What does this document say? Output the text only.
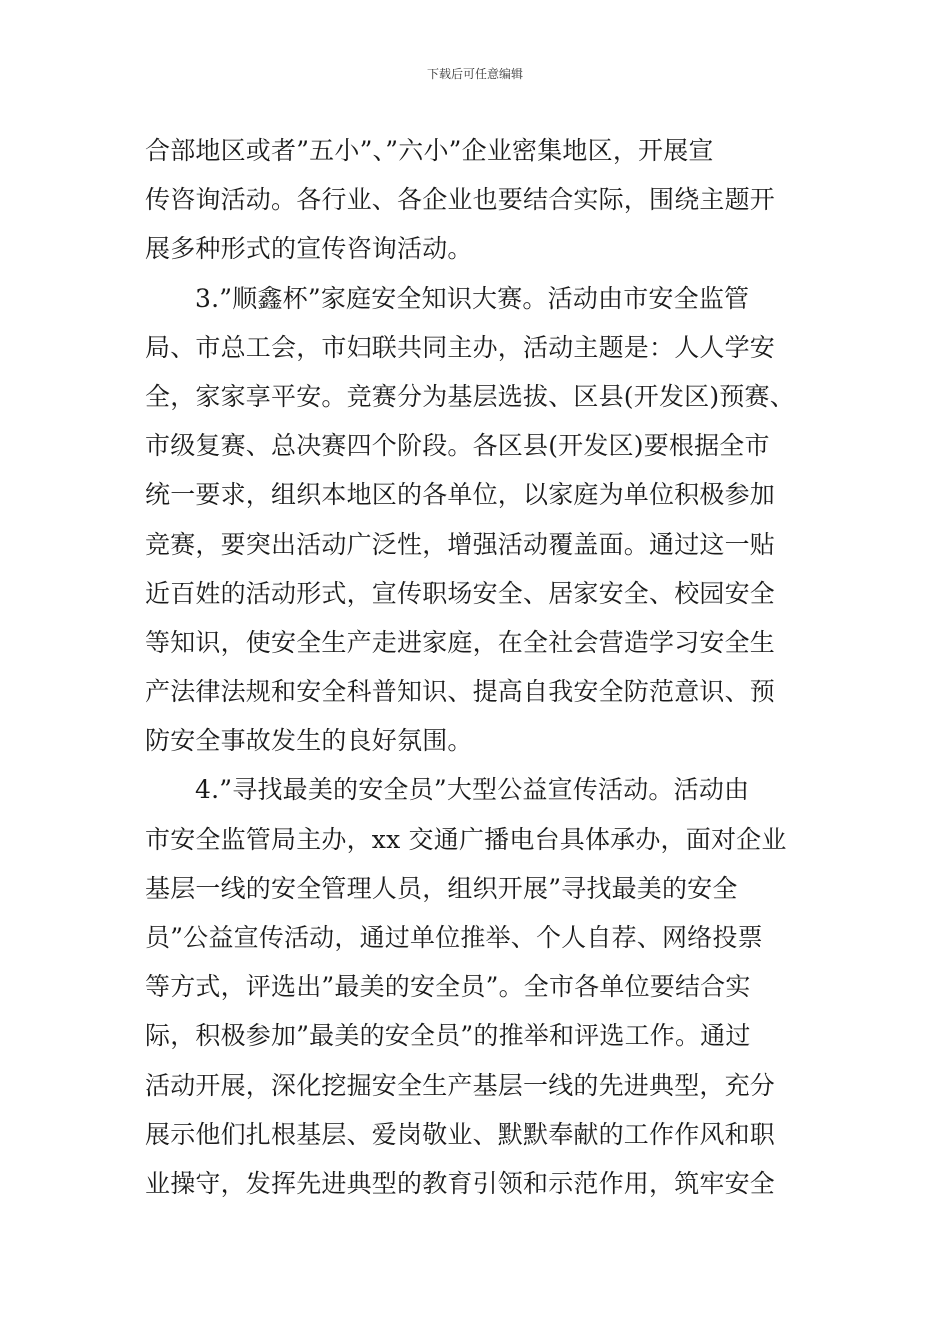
下载后可任意编辑
合部地区或者”五小”、”六小”企业密集地区，开展宣
传咨询活动。各行业、各企业也要结合实际，围绕主题开
展多种形式的宣传咨询活动。
3.”顺鑫杯”家庭安全知识大赛。活动由市安全监管
局、市总工会，市妇联共同主办，活动主题是：人人学安
全，家家享平安。竞赛分为基层选拔、区县(开发区)预赛、
市级复赛、总决赛四个阶段。各区县(开发区)要根据全市
统一要求，组织本地区的各单位，以家庭为单位积极参加
竞赛，要突出活动广泛性，增强活动覆盖面。通过这一贴
近百姓的活动形式，宣传职场安全、居家安全、校园安全
等知识，使安全生产走进家庭，在全社会营造学习安全生
产法律法规和安全科普知识、提高自我安全防范意识、预
防安全事故发生的良好氛围。
4.”寻找最美的安全员”大型公益宣传活动。活动由
市安全监管局主办，xx 交通广播电台具体承办，面对企业
基层一线的安全管理人员，组织开展”寻找最美的安全
员”公益宣传活动，通过单位推举、个人自荐、网络投票
等方式，评选出”最美的安全员”。全市各单位要结合实
际，积极参加”最美的安全员”的推举和评选工作。通过
活动开展，深化挖掘安全生产基层一线的先进典型，充分
展示他们扎根基层、爱岗敬业、默默奉献的工作作风和职
业操守，发挥先进典型的教育引领和示范作用，筑牢安全
